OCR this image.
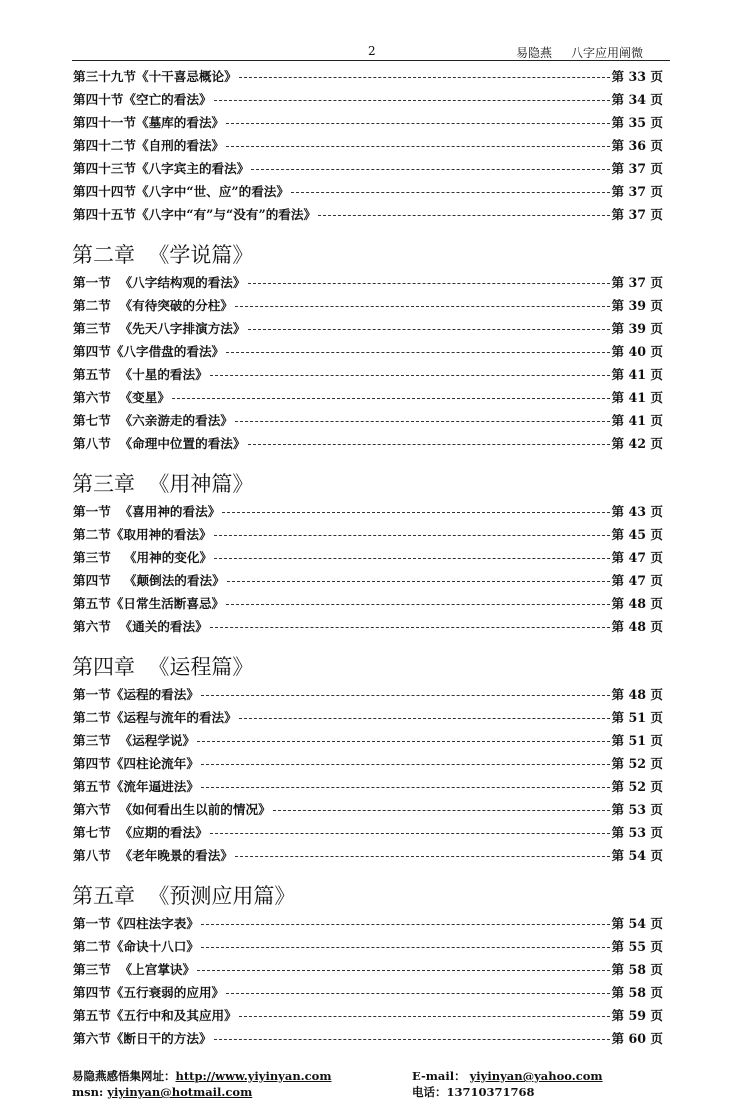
2	易隐燕 八字应用阐微
第三十九节《十干喜忌概论》	第 33 页
第四十节《空亡的看法》	第 34 页
第四十一节《墓库的看法》	第 35 页
第四十二节《自刑的看法》	第 36 页
第四十三节《八字宾主的看法》	第 37 页
第四十四节《八字中“世、应”的看法》	第 37 页
第四十五节《八字中“有”与“没有”的看法》	第 37 页
第二章  《学说篇》
第一节  《八字结构观的看法》	第 37 页
第二节  《有待突破的分柱》	第 39 页
第三节  《先天八字排演方法》	第 39 页
第四节《八字借盘的看法》	第 40 页
第五节  《十星的看法》	第 41 页
第六节  《变星》	第 41 页
第七节  《六亲游走的看法》	第 41 页
第八节  《命理中位置的看法》	第 42 页
第三章  《用神篇》
第一节  《喜用神的看法》	第 43 页
第二节《取用神的看法》	第 45 页
第三节   《用神的变化》	第 47 页
第四节   《颠倒法的看法》	第 47 页
第五节《日常生活断喜忌》	第 48 页
第六节  《通关的看法》	第 48 页
第四章  《运程篇》
第一节《运程的看法》	第 48 页
第二节《运程与流年的看法》	第 51 页
第三节  《运程学说》	第 51 页
第四节《四柱论流年》	第 52 页
第五节《流年逼进法》	第 52 页
第六节  《如何看出生以前的情况》	第 53 页
第七节  《应期的看法》	第 53 页
第八节  《老年晚景的看法》	第 54 页
第五章  《预测应用篇》
第一节《四柱法字表》	第 54 页
第二节《命诀十八口》	第 55 页
第三节  《上宫掌诀》	第 58 页
第四节《五行衰弱的应用》	第 58 页
第五节《五行中和及其应用》	第 59 页
第六节《断日干的方法》	第 60 页
易隐燕感悟集网址：http://www.yiyinyan.com	E-mail： yiyinyan@yahoo.com
msn: yiyinyan@hotmail.com	电话：13710371768
